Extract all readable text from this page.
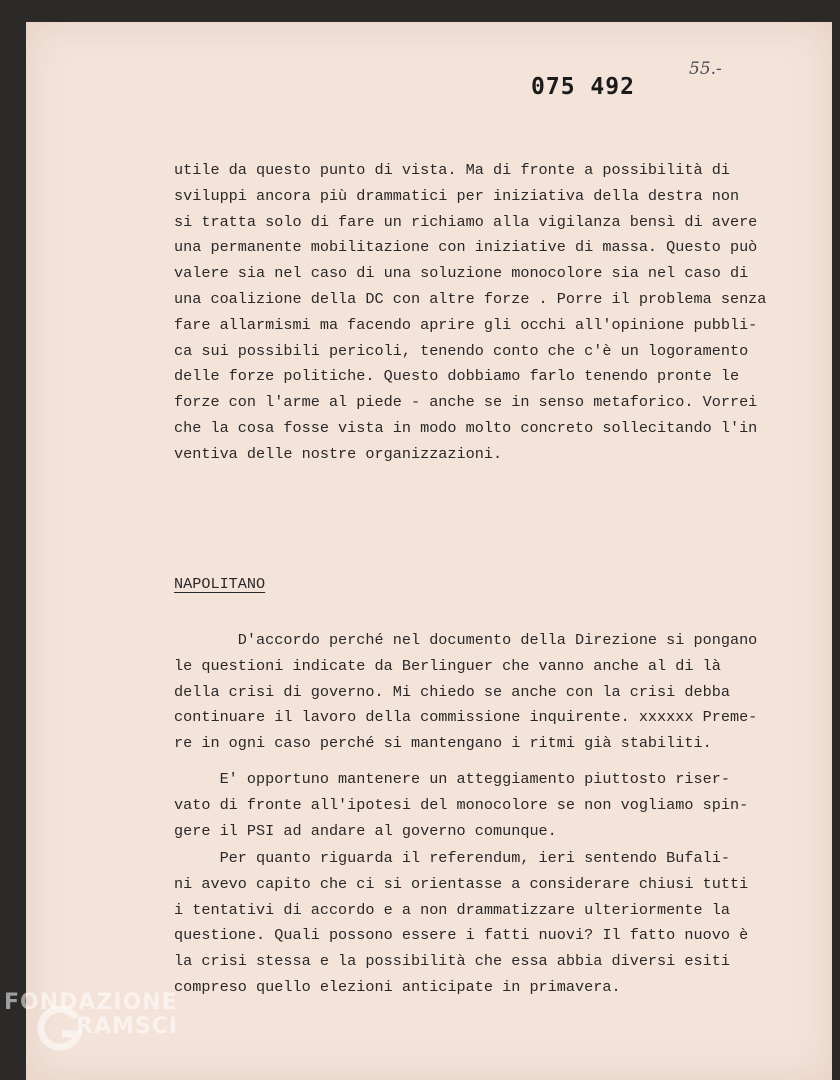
075 492
55.-
utile da questo punto di vista. Ma di fronte a possibilità di
sviluppi ancora più drammatici per iniziativa della destra non
si tratta solo di fare un richiamo alla vigilanza bensì di avere
una permanente mobilitazione con iniziative di massa. Questo può
valere sia nel caso di una soluzione monocolore sia nel caso di
una coalizione della DC con altre forze . Porre il problema senza
fare allarmismi ma facendo aprire gli occhi all'opinione pubbli-
ca sui possibili pericoli, tenendo conto che c'è un logoramento
delle forze politiche. Questo dobbiamo farlo tenendo pronte le
forze con l'arme al piede - anche se in senso metaforico. Vorrei
che la cosa fosse vista in modo molto concreto sollecitando l'in
ventiva delle nostre organizzazioni.
NAPOLITANO
D'accordo perché nel documento della Direzione si pongano
le questioni indicate da Berlinguer che vanno anche al di là
della crisi di governo. Mi chiedo se anche con la crisi debba
continuare il lavoro della commissione inquirente. xxxxxx Preme-
re in ogni caso perché si mantengano i ritmi già stabiliti.
E' opportuno mantenere un atteggiamento piuttosto riser-
vato di fronte all'ipotesi del monocolore se non vogliamo spin-
gere il PSI ad andare al governo comunque.
Per quanto riguarda il referendum, ieri sentendo Bufali-
ni avevo capito che ci si orientasse a considerare chiusi tutti
i tentativi di accordo e a non drammatizzare ulteriormente la
questione. Quali possono essere i fatti nuovi? Il fatto nuovo è
la crisi stessa e la possibilità che essa abbia diversi esiti
compreso quello elezioni anticipate in primavera.
FONDAZIONE
RAMSCI
